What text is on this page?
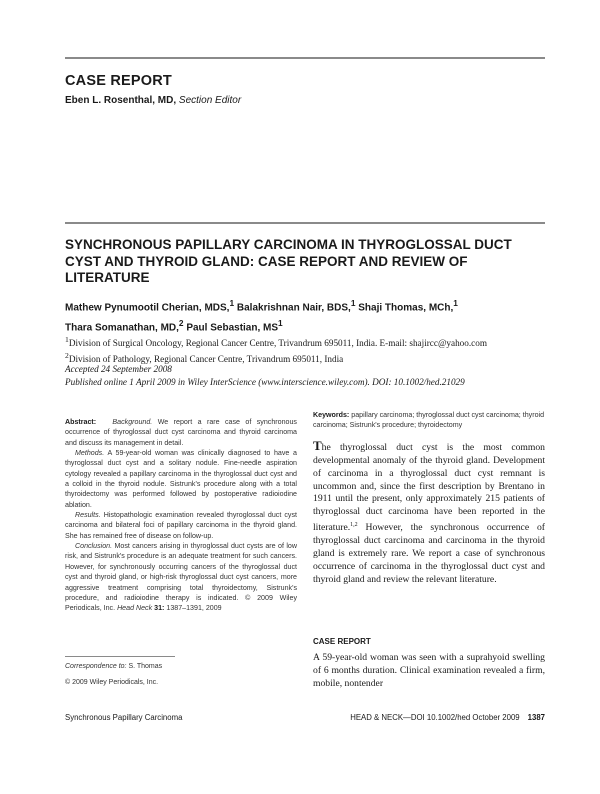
CASE REPORT
Eben L. Rosenthal, MD, Section Editor
SYNCHRONOUS PAPILLARY CARCINOMA IN THYROGLOSSAL DUCT CYST AND THYROID GLAND: CASE REPORT AND REVIEW OF LITERATURE
Mathew Pynumootil Cherian, MDS,$^1$ Balakrishnan Nair, BDS,$^1$ Shaji Thomas, MCh,$^1$
Thara Somanathan, MD,$^2$ Paul Sebastian, $MS^1$
$^1$Division of Surgical Oncology, Regional Cancer Centre, Trivandrum 695011, India. E-mail: shajircc@yahoo.com
$^2$Division of Pathology, Regional Cancer Centre, Trivandrum 695011, India
Accepted 24 September 2008
Published online 1 April 2009 in Wiley InterScience (www.interscience.wiley.com). DOI: 10.1002/hed.21029

Abstract: Background. We report a rare case of synchronous occurrence of thyroglossal duct cyst carcinoma and thyroid carcinoma and discuss its management in detail.

Methods. A 59-year-old woman was clinically diagnosed to have a thyroglossal duct cyst and a solitary nodule. Fine-needle aspiration cytology revealed a papillary carcinoma in the thyroglossal duct cyst and a colloid in the thyroid nodule. Sistrunk's procedure along with a total thyroidectomy was performed followed by postoperative radioiodine ablation.

Results. Histopathologic examination revealed thyroglossal duct cyst carcinoma and bilateral foci of papillary carcinoma in the thyroid gland. She has remained free of disease on follow-up.

Conclusion. Most cancers arising in thyroglossal duct cysts are of low risk, and Sistrunk's procedure is an adequate treatment for such cancers. However, for synchronously occurring cancers of the thyroglossal duct cyst and thyroid gland, or high-risk thyroglossal duct cyst cancers, more aggressive treatment comprising total thyroidectomy, Sistrunk's procedure, and radioiodine therapy is indicated. © 2009 Wiley Periodicals, Inc. Head Neck 31: 1387–1391, 2009

Correspondence to: S. Thomas
© 2009 Wiley Periodicals, Inc.
Keywords: papillary carcinoma; thyroglossal duct cyst carcinoma; thyroid carcinoma; Sistrunk's procedure; thyroidectomy
The thyroglossal duct cyst is the most common developmental anomaly of the thyroid gland. Development of carcinoma in a thyroglossal duct cyst remnant is uncommon and, since the first description by Brentano in 1911 until the present, only approximately 215 patients of thyroglossal duct carcinoma have been reported in the literature.$^{1,2}$ However, the synchronous occurrence of thyroglossal duct carcinoma and carcinoma in the thyroid gland is extremely rare. We report a case of synchronous occurrence of carcinoma in the thyroglossal duct cyst and thyroid gland and review the relevant literature.
CASE REPORT
A 59-year-old woman was seen with a suprahyoid swelling of 6 months duration. Clinical examination revealed a firm, mobile, nontender
Synchronous Papillary Carcinoma	HEAD & NECK—DOI 10.1002/hed October 2009 1387
